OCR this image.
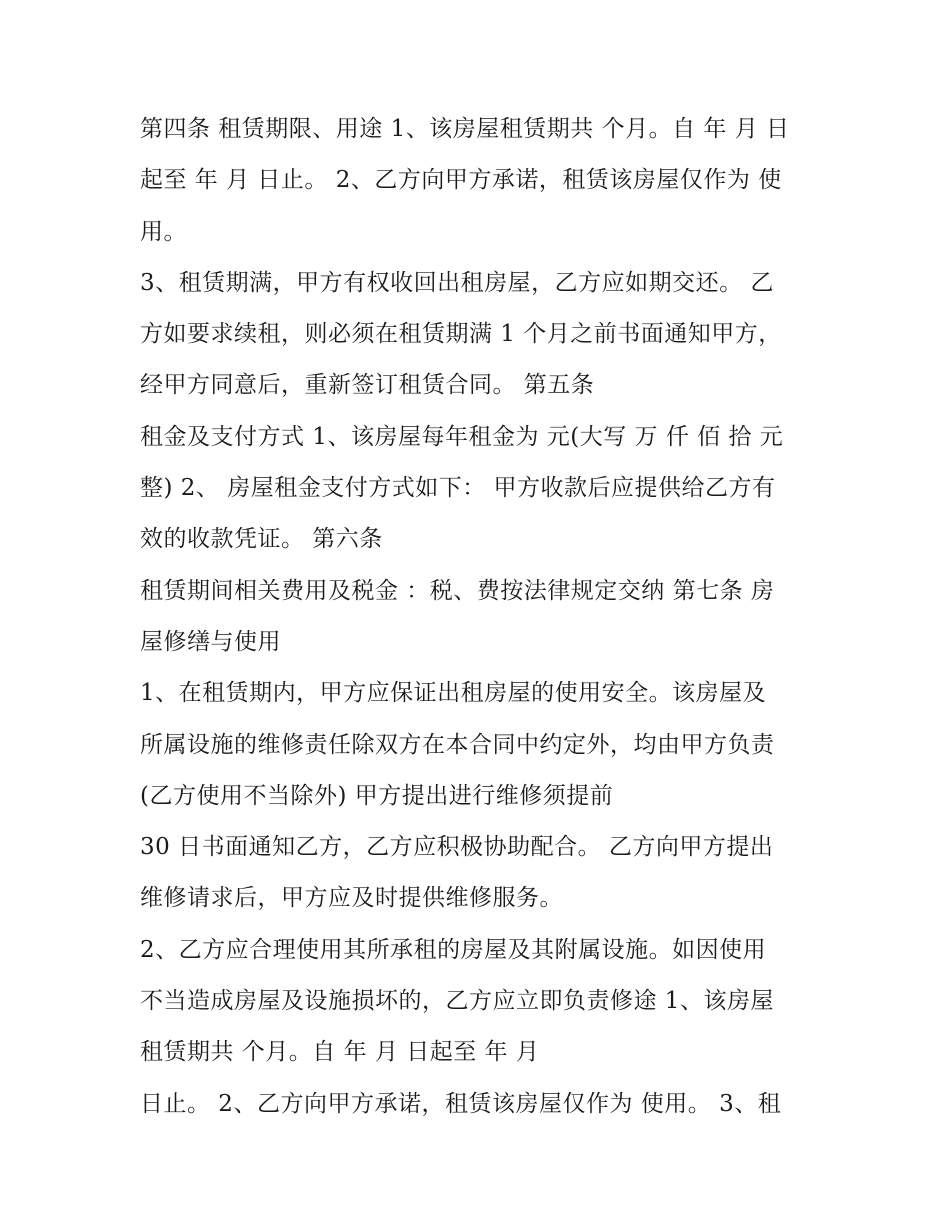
第四条 租赁期限、用途 1、该房屋租赁期共 个月。自 年 月 日
起至 年 月 日止。 2、乙方向甲方承诺，租赁该房屋仅作为 使
用。
3、租赁期满，甲方有权收回出租房屋，乙方应如期交还。 乙
方如要求续租，则必须在租赁期满 1 个月之前书面通知甲方，
经甲方同意后，重新签订租赁合同。 第五条
租金及支付方式 1、该房屋每年租金为 元(大写 万 仟 佰 拾 元
整) 2、 房屋租金支付方式如下： 甲方收款后应提供给乙方有
效的收款凭证。 第六条
租赁期间相关费用及税金 ：税、费按法律规定交纳 第七条 房
屋修缮与使用
1、在租赁期内，甲方应保证出租房屋的使用安全。该房屋及
所属设施的维修责任除双方在本合同中约定外，均由甲方负责
(乙方使用不当除外) 甲方提出进行维修须提前
30 日书面通知乙方，乙方应积极协助配合。 乙方向甲方提出
维修请求后，甲方应及时提供维修服务。
2、乙方应合理使用其所承租的房屋及其附属设施。如因使用
不当造成房屋及设施损坏的，乙方应立即负责修途 1、该房屋
租赁期共 个月。自 年 月 日起至 年 月
日止。 2、乙方向甲方承诺，租赁该房屋仅作为 使用。 3、租
